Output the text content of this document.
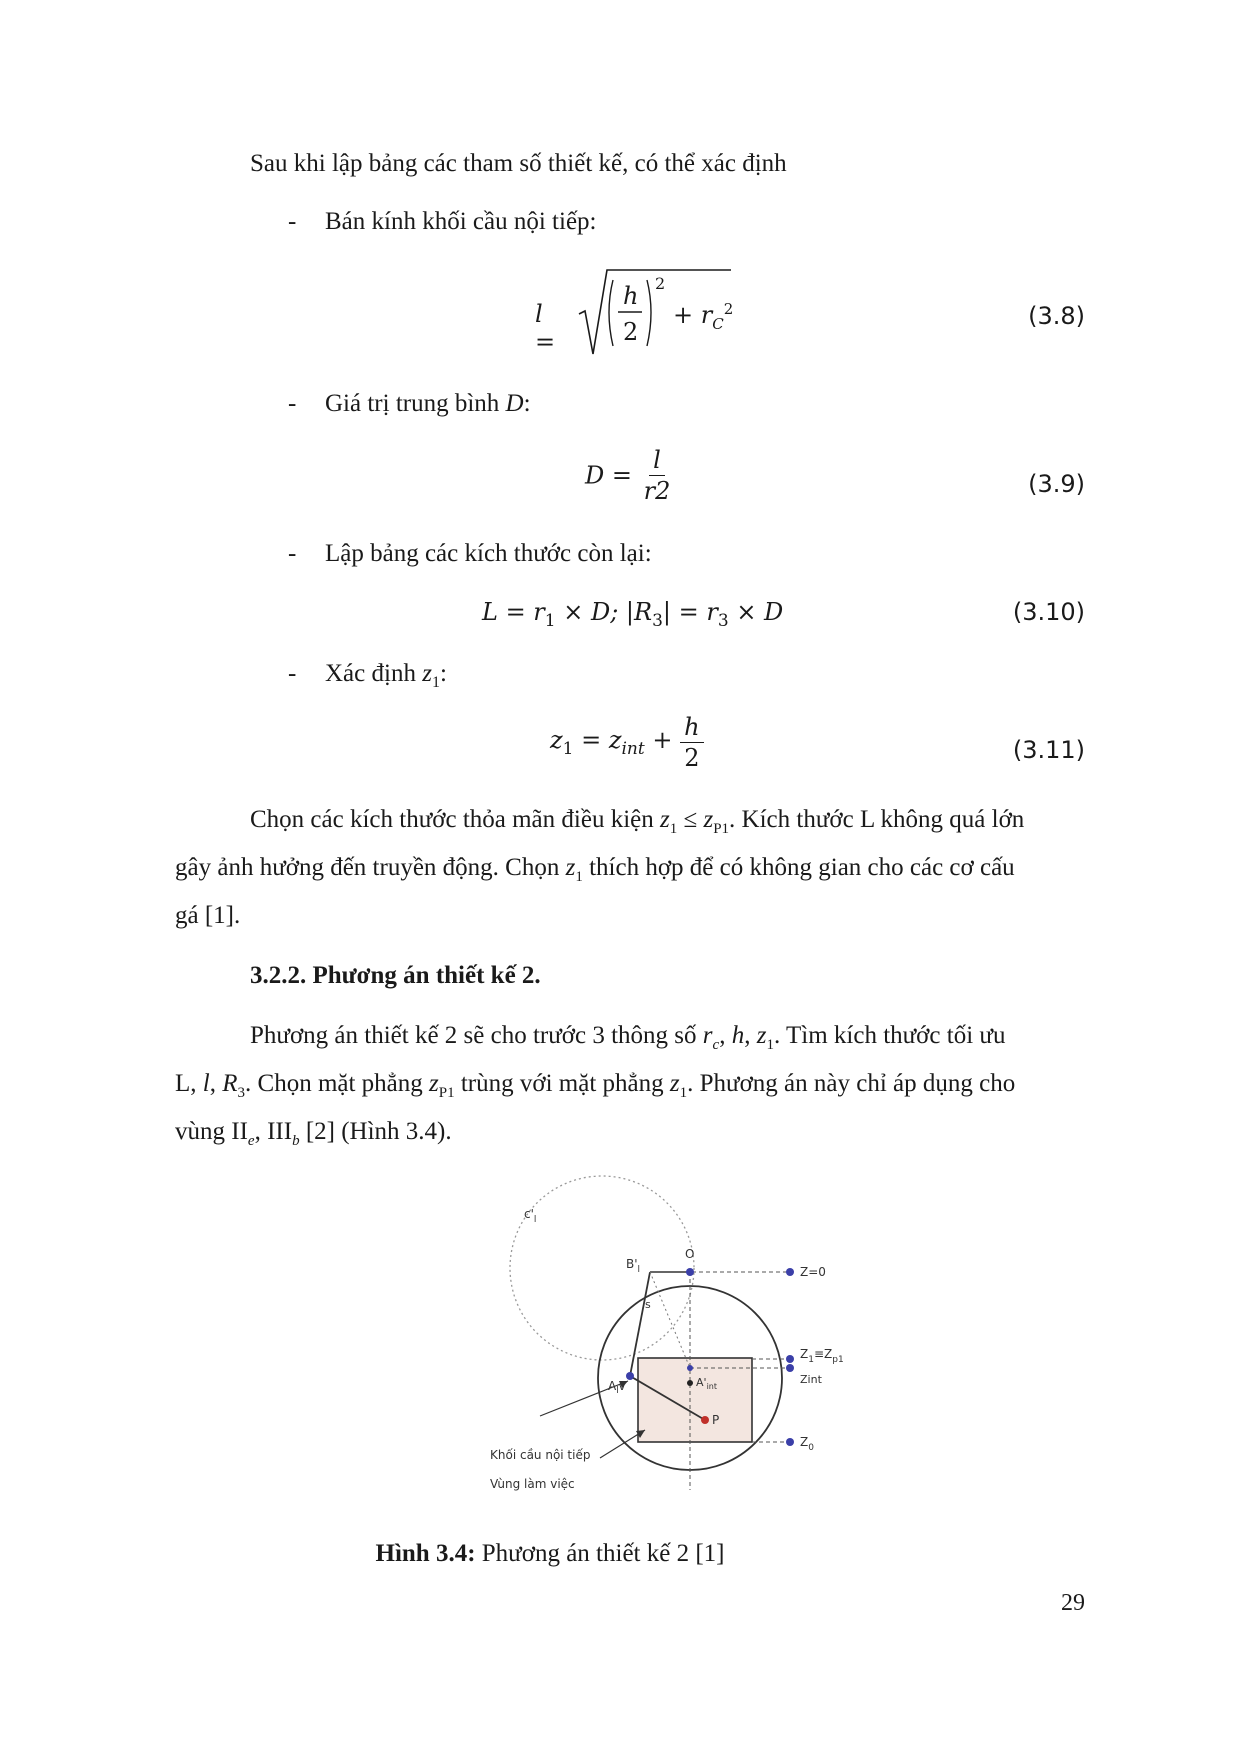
Sau khi lập bảng các tham số thiết kế, có thể xác định
- Bán kính khối cầu nội tiếp:
l =
h
2
2
+ $r_C^2$	(3.8)
- Giá trị trung bình D:
$D = \frac{l}{r2}$	(3.9)
- Lập bảng các kích thước còn lại:
$L = r_1 \times D$; $|R_3| = r_3 \times D$	(3.10)
- Xác định $z_1$:
$z_1 = z_{int} + \frac{h}{2}$	(3.11)
Chọn các kích thước thỏa mãn điều kiện $z_1 \le z_{P1}$. Kích thước L không quá lớn
gây ảnh hưởng đến truyền động. Chọn $z_1$ thích hợp để có không gian cho các cơ cấu
gá [1].
3.2.2. Phương án thiết kế 2.
Phương án thiết kế 2 sẽ cho trước 3 thông số $r_c$, h, $z_1$. Tìm kích thước tối ưu
L, l, $R_3$. Chọn mặt phẳng $z_{P1}$ trùng với mặt phẳng $z_1$. Phương án này chỉ áp dụng cho
vùng $II_e$, $III_b$ [2] (Hình 3.4).
$c'_l$
$B'_l$
O
s
$A_lv$	$A'_{int}$
P
Z=0
$Z_1\equiv Z_{p1}$
Zint
$Z_0$
Khối cầu nội tiếp
Vùng làm việc
Hình 3.4: Phương án thiết kế 2 [1]
29
